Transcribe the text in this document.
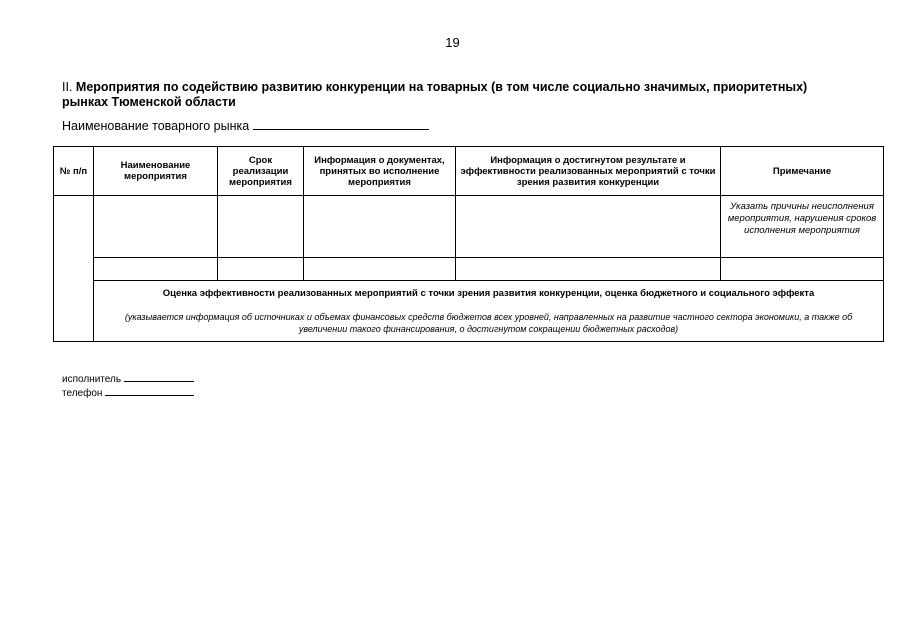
19
II. Мероприятия по содействию развитию конкуренции на товарных (в том числе социально значимых, приоритетных) рынках Тюменской области
Наименование товарного рынка
№ п/п	Наименование мероприятия	Срок реализации мероприятия	Информация о документах, принятых во исполнение мероприятия	Информация о достигнутом результате и эффективности реализованных мероприятий с точки зрения развития конкуренции	Примечание
					Указать причины неисполнения мероприятия, нарушения сроков исполнения мероприятия

	Оценка эффективности реализованных мероприятий с точки зрения развития конкуренции, оценка бюджетного и социального эффекта
(указывается информация об источниках и объемах финансовых средств бюджетов всех уровней, направленных на развитие частного сектора экономики, а также об увеличении такого финансирования, о достигнутом сокращении бюджетных расходов)				
исполнитель
телефон
